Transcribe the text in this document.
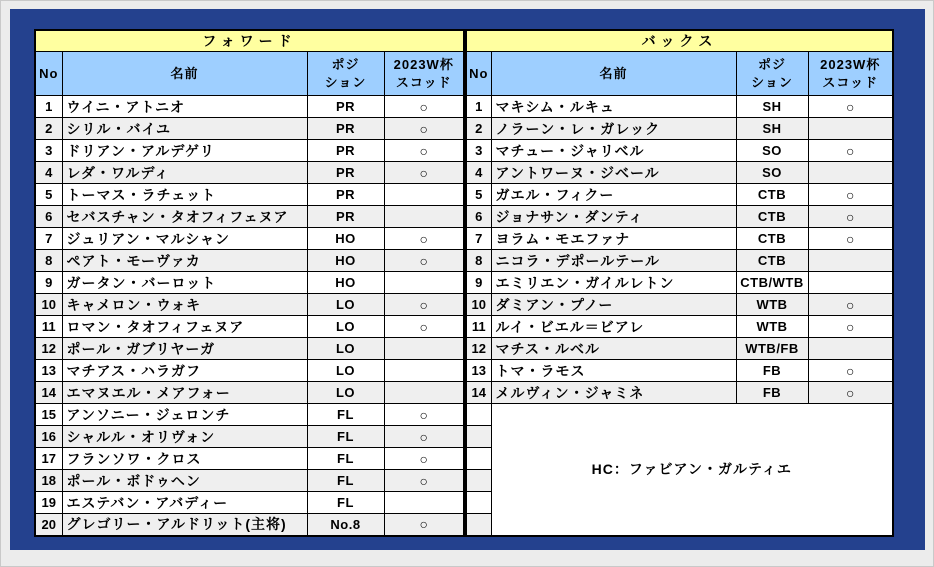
フォワード			
No	名前	ポジ
ション	2023W杯
スコッド
1	ウイニ・アトニオ	PR	○
2	シリル・バイユ	PR	○
3	ドリアン・アルデゲリ	PR	○
4	レダ・ワルディ	PR	○
5	トーマス・ラチェット	PR	
6	セバスチャン・タオフィフェヌア	PR	
7	ジュリアン・マルシャン	HO	○
8	ペアト・モーヴァカ	HO	○
9	ガータン・バーロット	HO	
10	キャメロン・ウォキ	LO	○
11	ロマン・タオフィフェヌア	LO	○
12	ポール・ガブリヤーガ	LO	
13	マチアス・ハラガフ	LO	
14	エマヌエル・メアフォー	LO	
15	アンソニー・ジェロンチ	FL	○
16	シャルル・オリヴォン	FL	○
17	フランソワ・クロス	FL	○
18	ポール・ボドゥヘン	FL	○
19	エステバン・アバディー	FL	
20	グレゴリー・アルドリット(主将)	No.8	○
バックス			
No	名前	ポジ
ション	2023W杯
スコッド
1	マキシム・ルキュ	SH	○
2	ノラーン・レ・ガレック	SH	
3	マチュー・ジャリベル	SO	○
4	アントワーヌ・ジベール	SO	
5	ガエル・フィクー	CTB	○
6	ジョナサン・ダンティ	CTB	○
7	ヨラム・モエファナ	CTB	○
8	ニコラ・デポールテール	CTB	
9	エミリエン・ガイルレトン	CTB/WTB	
10	ダミアン・プノー	WTB	○
11	ルイ・ビエル＝ビアレ	WTB	○
12	マチス・ルベル	WTB/FB	
13	トマ・ラモス	FB	○
14	メルヴィン・ジャミネ	FB	○
	HC：ファビアン・ガルティエ		
